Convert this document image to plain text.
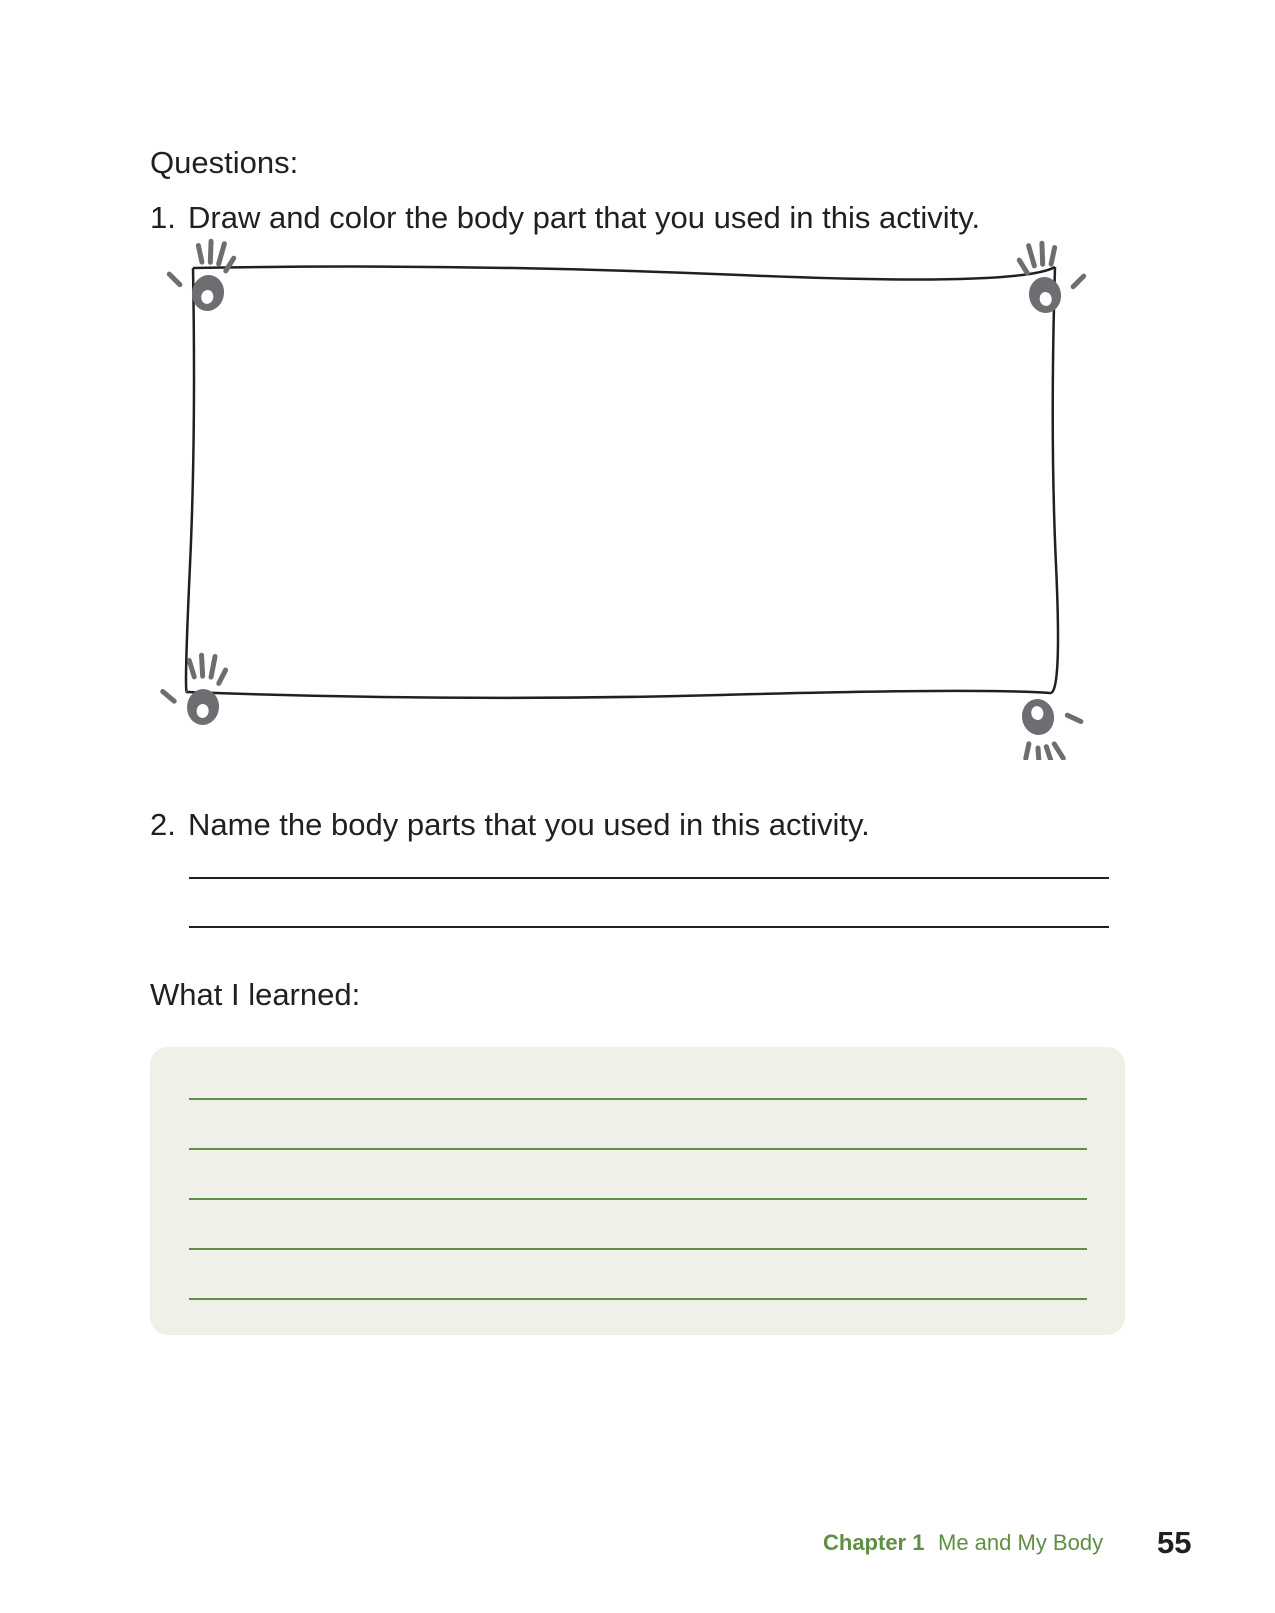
Questions:
1. Draw and color the body part that you used in this activity.
2. Name the body parts that you used in this activity.
What I learned:
Chapter 1 Me and My Body 55
